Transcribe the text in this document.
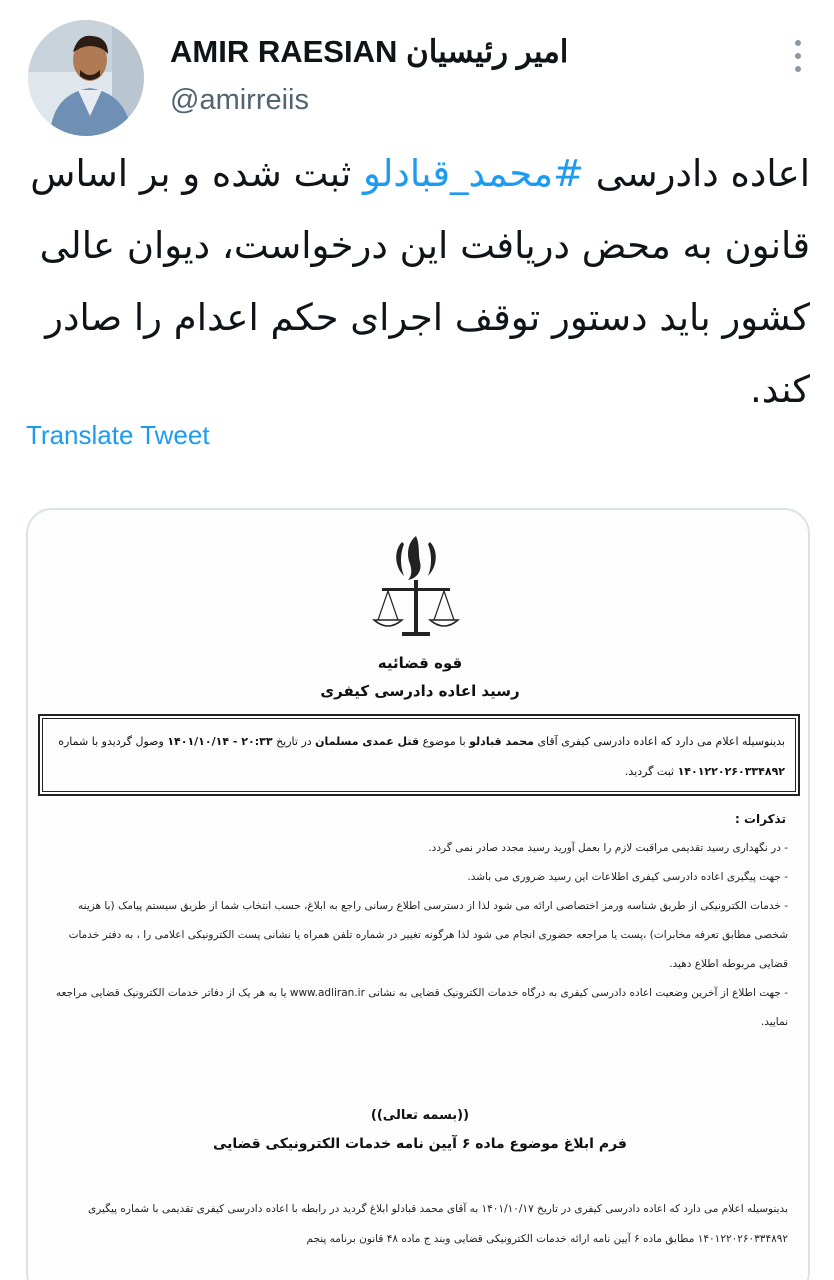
AMIR RAESIAN امیر رئیسیان
@amirreiis
اعاده دادرسی #محمد_قبادلو ثبت شده و بر اساس قانون به محض دریافت این درخواست، دیوان عالی کشور باید دستور توقف اجرای حکم اعدام را صادر کند.
Translate Tweet
قوه قضائیه
رسید اعاده دادرسی کیفری
بدینوسیله اعلام می دارد که اعاده دادرسی کیفری آقای محمد قبادلو با موضوع قتل عمدی مسلمان در تاریخ ۲۰:۳۳ - ۱۴۰۱/۱۰/۱۴ وصول گردیدو با شماره ۱۴۰۱۲۲۰۲۶۰۳۳۴۸۹۲ ثبت گردید.
تذکرات :

- در نگهداری رسید تقدیمی مراقبت لازم را بعمل آورید رسید مجدد صادر نمی گردد.

- جهت پیگیری اعاده دادرسی کیفری اطلاعات این رسید ضروری می باشد.

- خدمات الکترونیکی از طریق شناسه ورمز اختصاصی ارائه می شود لذا از دسترسی اطلاع رسانی راجع به ابلاغ، حسب انتخاب شما از طریق سیستم پیامک (با هزینه شخصی مطابق تعرفه مخابرات) ،پست یا مراجعه حضوری انجام می شود لذا هرگونه تغییر در شماره تلفن همراه یا نشانی پست الکترونیکی اعلامی را ، به دفتر خدمات قضایی مربوطه اطلاع دهید.

- جهت اطلاع از آخرین وضعیت اعاده دادرسی کیفری به درگاه خدمات الکترونیک قضایی به نشانی www.adliran.ir یا به هر یک از دفاتر خدمات الکترونیک قضایی مراجعه نمایید.

((بسمه تعالی))
فرم ابلاغ موضوع ماده ۶ آیین نامه خدمات الکترونیکی قضایی
بدینوسیله اعلام می دارد که اعاده دادرسی کیفری در تاریخ ۱۴۰۱/۱۰/۱۷ به آقای محمد قبادلو ابلاغ گردید در رابطه با اعاده دادرسی کیفری تقدیمی با شماره پیگیری ۱۴۰۱۲۲۰۲۶۰۳۳۴۸۹۲ مطابق ماده ۶ آیین نامه ارائه خدمات الکترونیکی قضایی وبند ج ماده ۴۸ قانون برنامه پنجم
